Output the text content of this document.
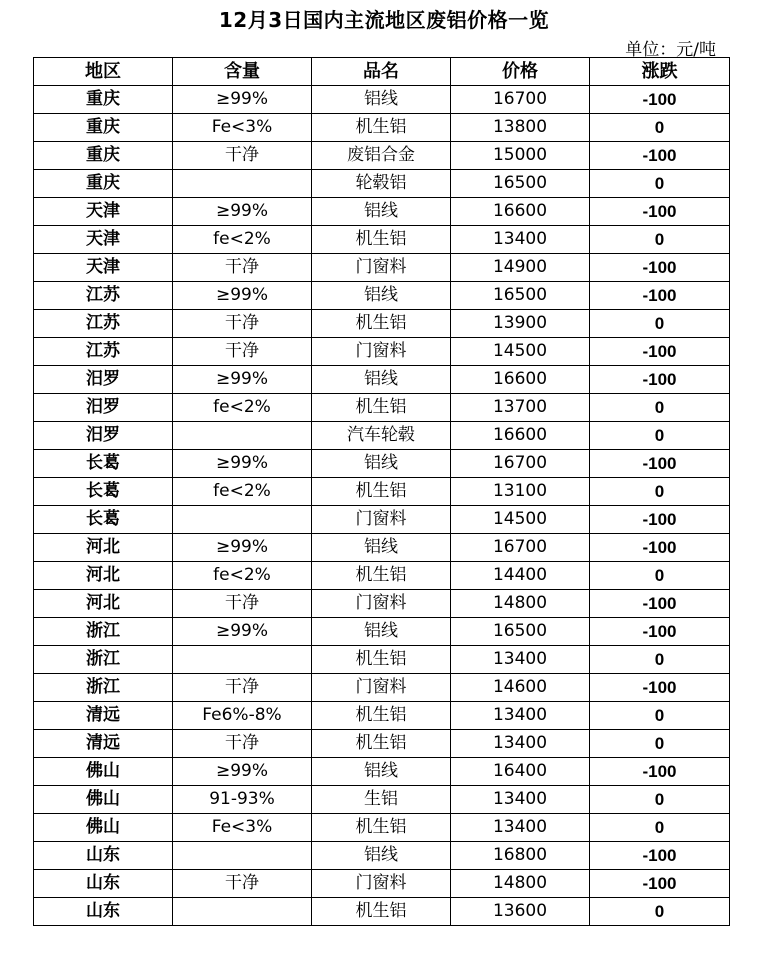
12月3日国内主流地区废铝价格一览
单位：元/吨
地区	含量	品名	价格	涨跌
重庆	≥99%	铝线	16700	-100
重庆	Fe<3%	机生铝	13800	0
重庆	干净	废铝合金	15000	-100
重庆		轮毂铝	16500	0
天津	≥99%	铝线	16600	-100
天津	fe<2%	机生铝	13400	0
天津	干净	门窗料	14900	-100
江苏	≥99%	铝线	16500	-100
江苏	干净	机生铝	13900	0
江苏	干净	门窗料	14500	-100
汨罗	≥99%	铝线	16600	-100
汨罗	fe<2%	机生铝	13700	0
汨罗		汽车轮毂	16600	0
长葛	≥99%	铝线	16700	-100
长葛	fe<2%	机生铝	13100	0
长葛		门窗料	14500	-100
河北	≥99%	铝线	16700	-100
河北	fe<2%	机生铝	14400	0
河北	干净	门窗料	14800	-100
浙江	≥99%	铝线	16500	-100
浙江		机生铝	13400	0
浙江	干净	门窗料	14600	-100
清远	Fe6%-8%	机生铝	13400	0
清远	干净	机生铝	13400	0
佛山	≥99%	铝线	16400	-100
佛山	91-93%	生铝	13400	0
佛山	Fe<3%	机生铝	13400	0
山东		铝线	16800	-100
山东	干净	门窗料	14800	-100
山东		机生铝	13600	0
